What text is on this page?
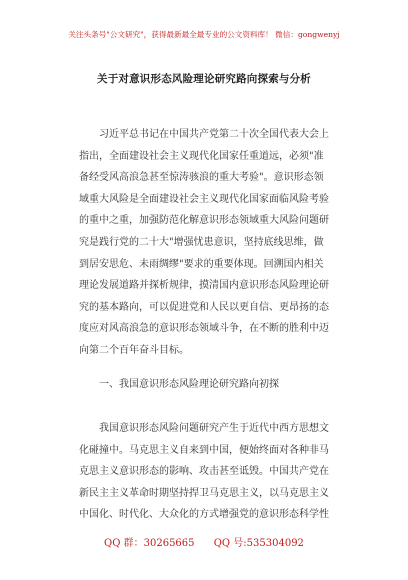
关注头条号"公文研究"，获得最新最全最专业的公文资料库！ 微信：gongwenyj
关于对意识形态风险理论研究路向探索与分析
习近平总书记在中国共产党第二十次全国代表大会上
指出，全面建设社会主义现代化国家任重道远，必须"准
备经受风高浪急甚至惊涛骇浪的重大考验"。意识形态领
域重大风险是全面建设社会主义现代化国家面临风险考验
的重中之重，加强防范化解意识形态领域重大风险问题研
究是践行党的二十大"增强忧患意识，坚持底线思维，做
到居安思危、未雨绸缪"要求的重要体现。回溯国内相关
理论发展道路并探析规律，摸清国内意识形态风险理论研
究的基本路向，可以促进党和人民以更自信、更昂扬的态
度应对风高浪急的意识形态领域斗争，在不断的胜利中迈
向第二个百年奋斗目标。
一、我国意识形态风险理论研究路向初探
我国意识形态风险问题研究产生于近代中西方思想文
化碰撞中。马克思主义自来到中国，便始终面对各种非马
克思主义意识形态的影响、攻击甚至诋毁。中国共产党在
新民主主义革命时期坚持捍卫马克思主义，以马克思主义
中国化、时代化、大众化的方式增强党的意识形态科学性
QQ 群：30265665 QQ 号:535304092
